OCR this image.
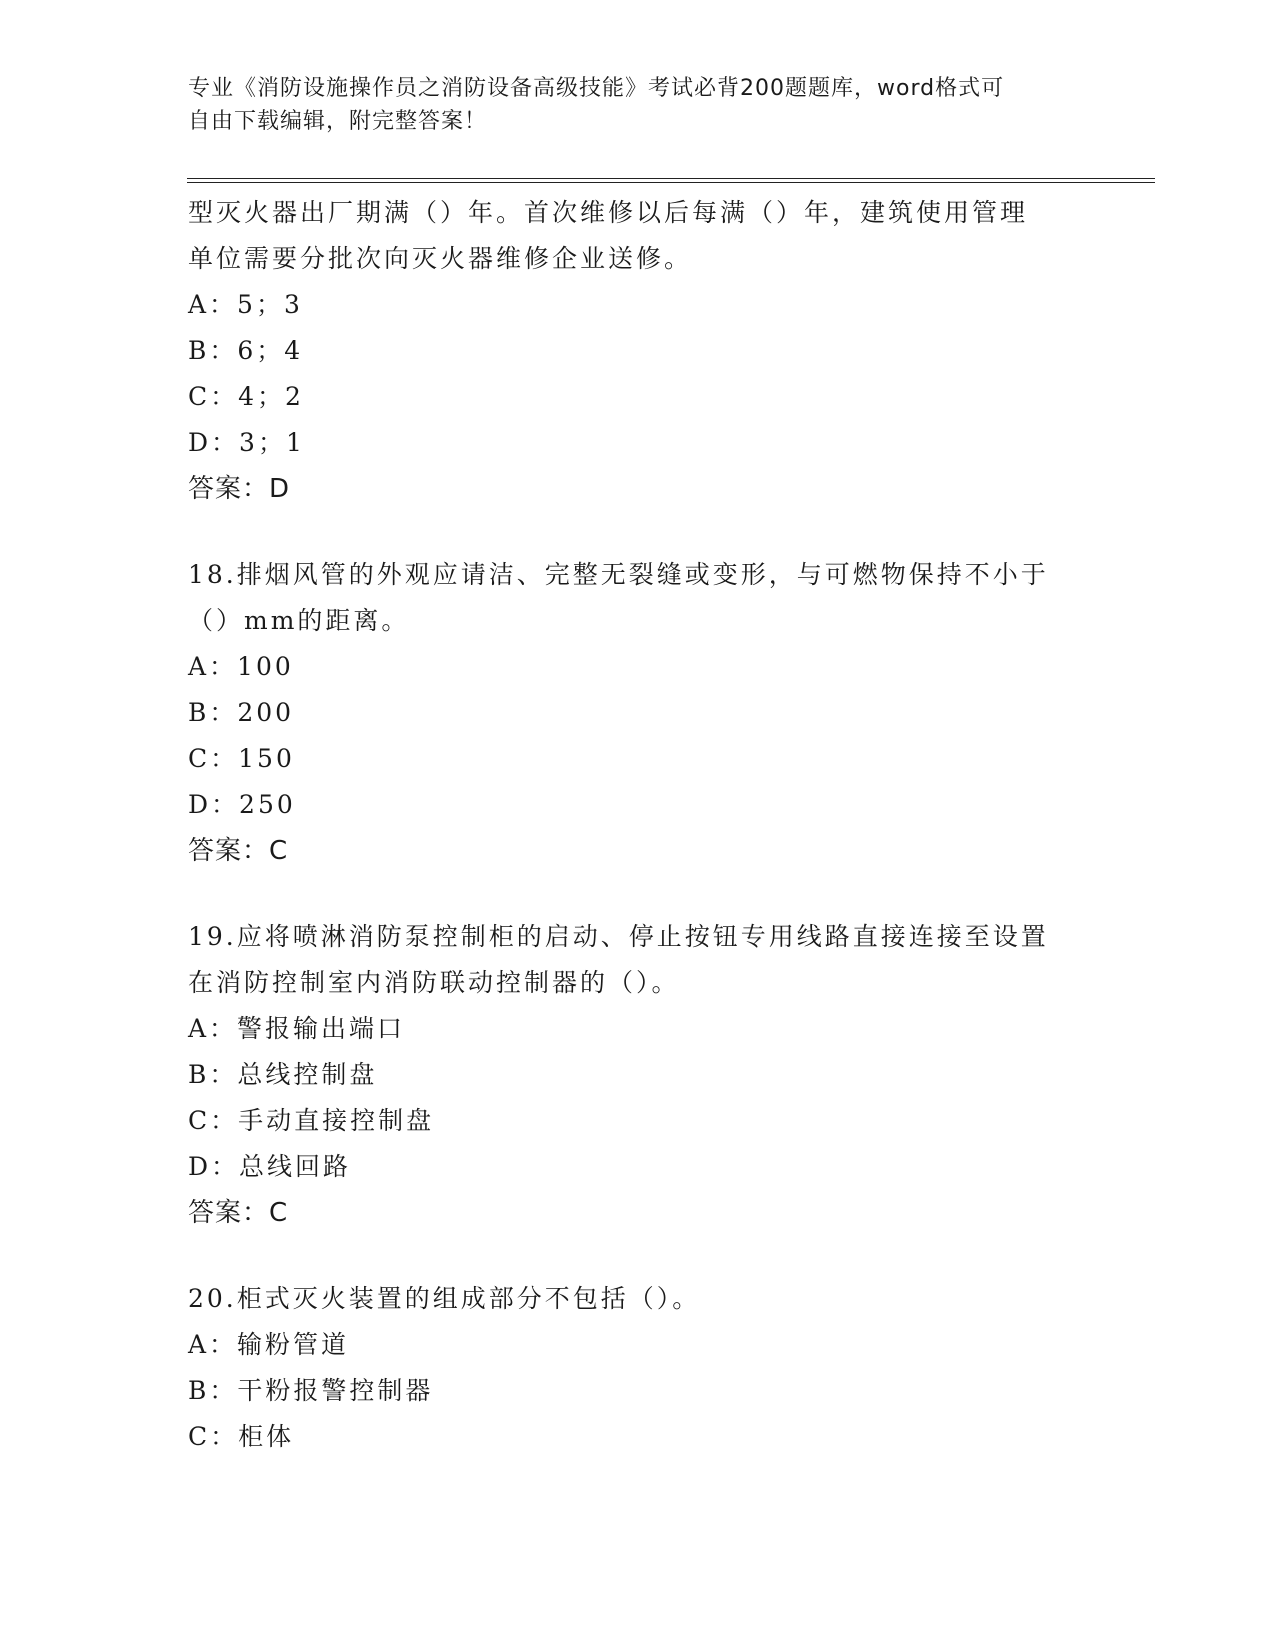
专业《消防设施操作员之消防设备高级技能》考试必背200题题库，word格式可
自由下载编辑，附完整答案！

型灭火器出厂期满（）年。首次维修以后每满（）年，建筑使用管理

单位需要分批次向灭火器维修企业送修。

A：5；3

B：6；4

C：4；2

D：3；1

答案：D

18.排烟风管的外观应请洁、完整无裂缝或变形，与可燃物保持不小于

（）mm的距离。

A：100

B：200

C：150

D：250

答案：C

19.应将喷淋消防泵控制柜的启动、停止按钮专用线路直接连接至设置

在消防控制室内消防联动控制器的（）。

A：警报输出端口

B：总线控制盘

C：手动直接控制盘

D：总线回路

答案：C

20.柜式灭火装置的组成部分不包括（）。

A：输粉管道

B：干粉报警控制器

C：柜体
